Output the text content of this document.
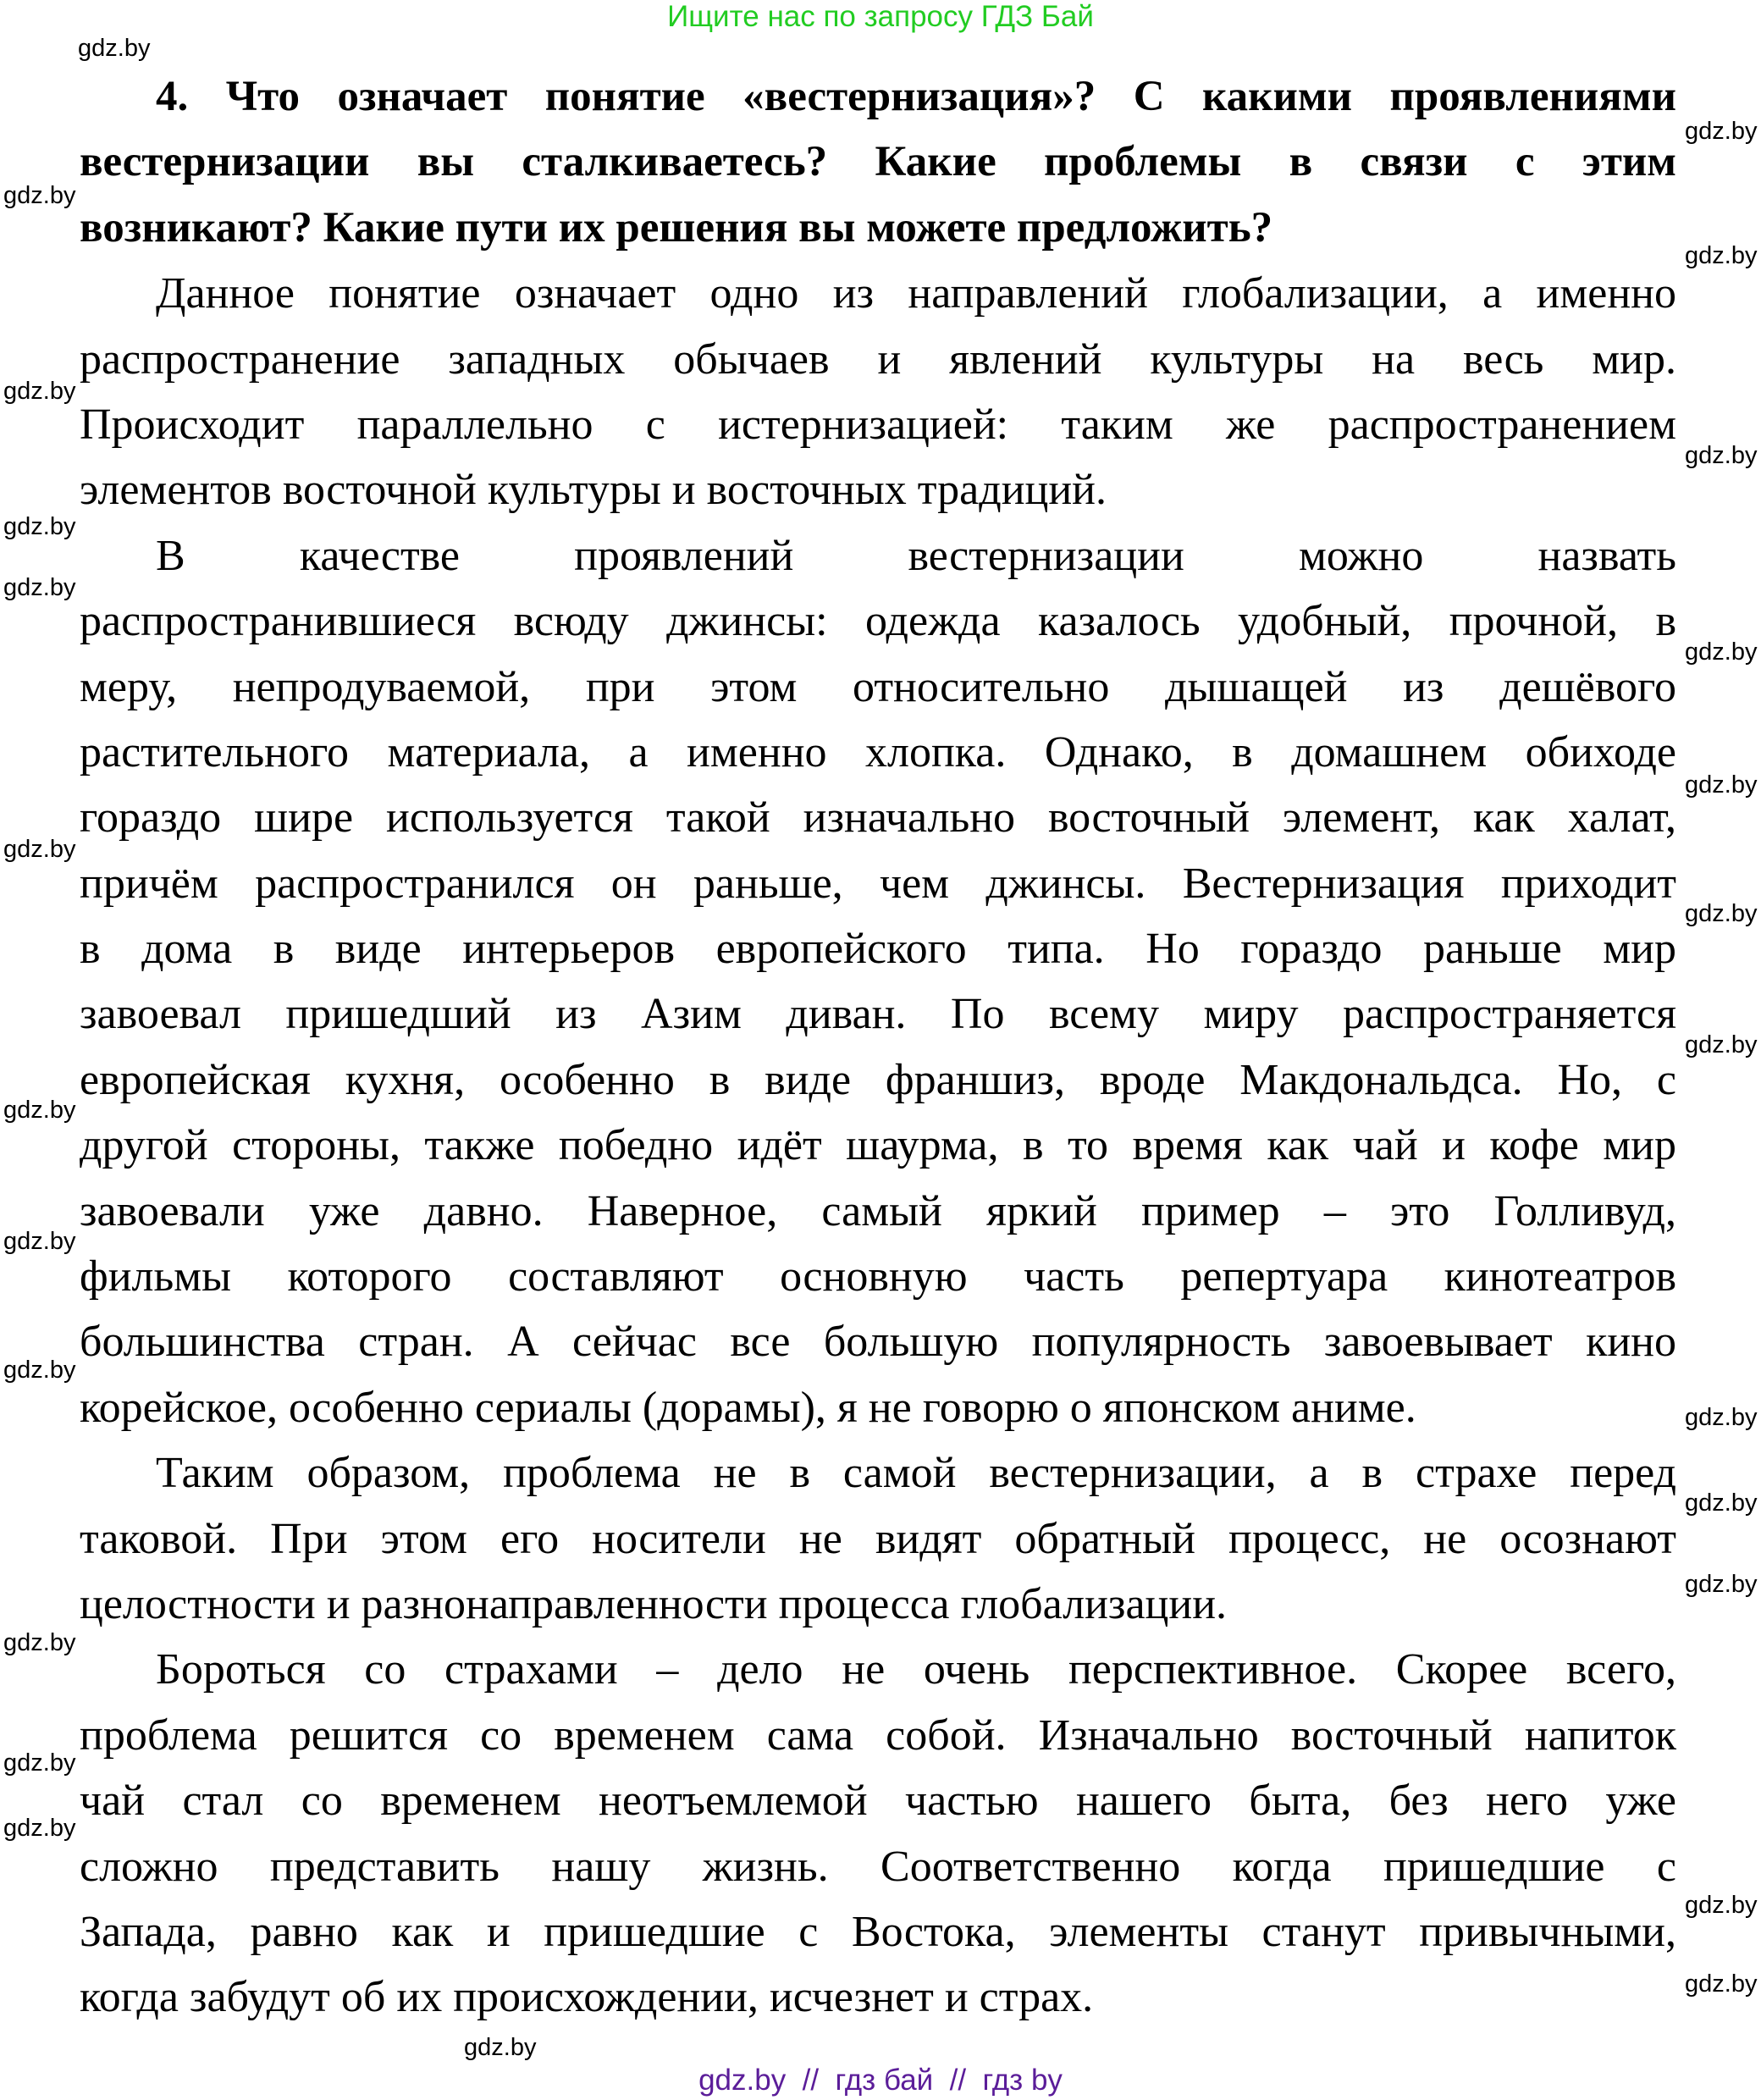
Ищите нас по запросу ГДЗ Бай
4. Что означает понятие «вестернизация»? С какими проявлениями
вестернизации вы сталкиваетесь? Какие проблемы в связи с этим
возникают? Какие пути их решения вы можете предложить?
Данное понятие означает одно из направлений глобализации, а именно
распространение западных обычаев и явлений культуры на весь мир.
Происходит параллельно с истернизацией: таким же распространением
элементов восточной культуры и восточных традиций.
В качестве проявлений вестернизации можно назвать
распространившиеся всюду джинсы: одежда казалось удобный, прочной, в
меру, непродуваемой, при этом относительно дышащей из дешёвого
растительного материала, а именно хлопка. Однако, в домашнем обиходе
гораздо шире используется такой изначально восточный элемент, как халат,
причём распространился он раньше, чем джинсы. Вестернизация приходит
в дома в виде интерьеров европейского типа. Но гораздо раньше мир
завоевал пришедший из Азим диван. По всему миру распространяется
европейская кухня, особенно в виде франшиз, вроде Макдональдса. Но, с
другой стороны, также победно идёт шаурма, в то время как чай и кофе мир
завоевали уже давно. Наверное, самый яркий пример – это Голливуд,
фильмы которого составляют основную часть репертуара кинотеатров
большинства стран. А сейчас все большую популярность завоевывает кино
корейское, особенно сериалы (дорамы), я не говорю о японском аниме.
Таким образом, проблема не в самой вестернизации, а в страхе перед
таковой. При этом его носители не видят обратный процесс, не осознают
целостности и разнонаправленности процесса глобализации.
Бороться со страхами – дело не очень перспективное. Скорее всего,
проблема решится со временем сама собой. Изначально восточный напиток
чай стал со временем неотъемлемой частью нашего быта, без него уже
сложно представить нашу жизнь. Соответственно когда пришедшие с
Запада, равно как и пришедшие с Востока, элементы станут привычными,
когда забудут об их происхождении, исчезнет и страх.
gdz.by
gdz.by
gdz.by
gdz.by
gdz.by
gdz.by
gdz.by
gdz.by
gdz.by
gdz.by
gdz.by
gdz.by
gdz.by
gdz.by
gdz.by
gdz.by
gdz.by
gdz.by
gdz.by
gdz.by
gdz.by
gdz.by
gdz.by
gdz.by
gdz.by
gdz.by  //  гдз бай  //  гдз by
